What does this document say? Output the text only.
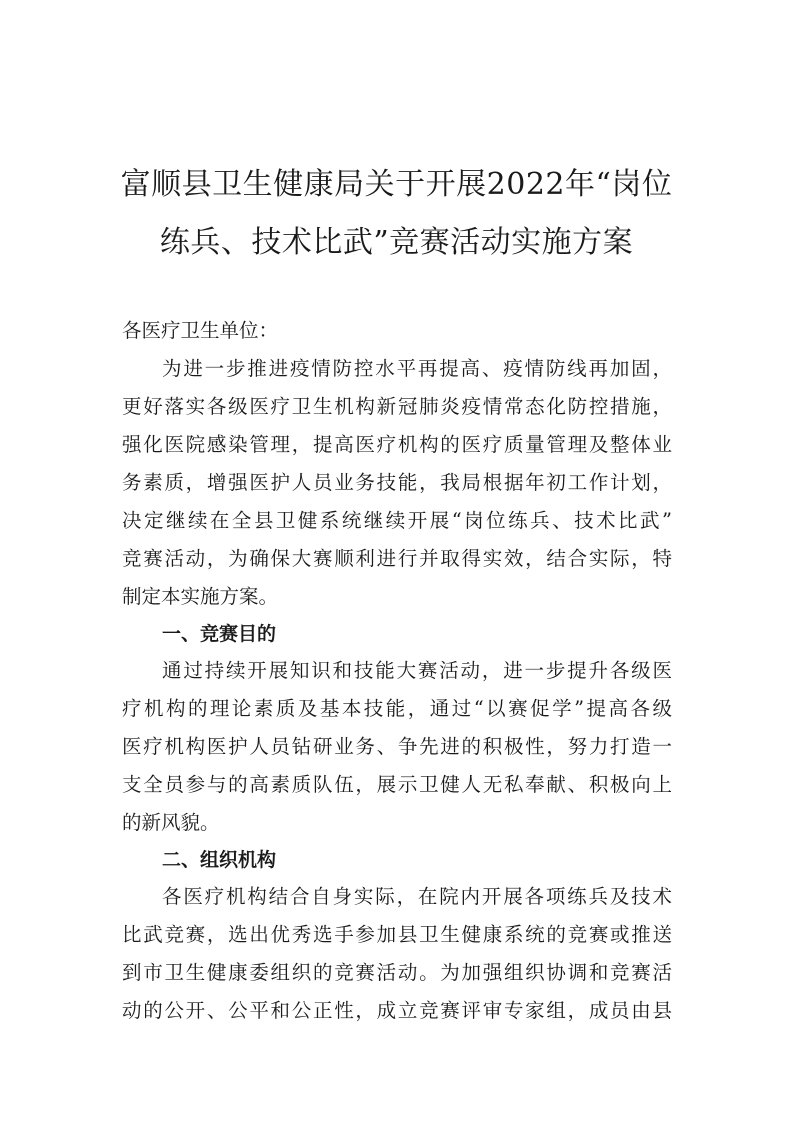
富顺县卫生健康局关于开展2022年“岗位
练兵、技术比武”竞赛活动实施方案
各医疗卫生单位：
为进一步推进疫情防控水平再提高、疫情防线再加固，
更好落实各级医疗卫生机构新冠肺炎疫情常态化防控措施，
强化医院感染管理，提高医疗机构的医疗质量管理及整体业
务素质，增强医护人员业务技能，我局根据年初工作计划，
决定继续在全县卫健系统继续开展“岗位练兵、技术比武”
竞赛活动，为确保大赛顺利进行并取得实效，结合实际，特
制定本实施方案。
一、竞赛目的
通过持续开展知识和技能大赛活动，进一步提升各级医
疗机构的理论素质及基本技能，通过“以赛促学”提高各级
医疗机构医护人员钻研业务、争先进的积极性，努力打造一
支全员参与的高素质队伍，展示卫健人无私奉献、积极向上
的新风貌。
二、组织机构
各医疗机构结合自身实际，在院内开展各项练兵及技术
比武竞赛，选出优秀选手参加县卫生健康系统的竞赛或推送
到市卫生健康委组织的竞赛活动。为加强组织协调和竞赛活
动的公开、公平和公正性，成立竞赛评审专家组，成员由县
